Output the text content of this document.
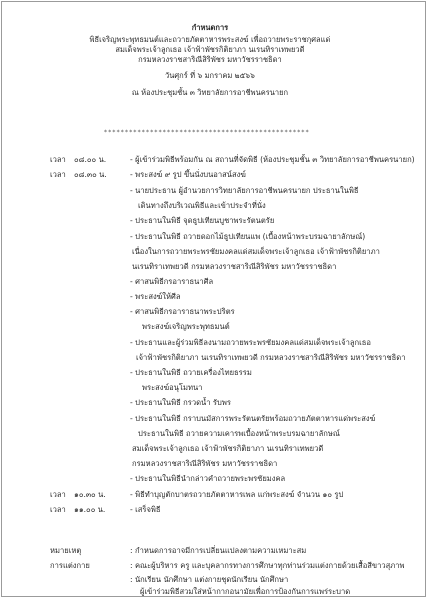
กำหนดการ
พิธีเจริญพระพุทธมนต์และถวายภัตตาหารพระสงฆ์ เพื่อถวายพระราชกุศลแด่
สมเด็จพระเจ้าลูกเธอ เจ้าฟ้าพัชรกิติยาภา นเรนทิราเทพยวดี
กรมหลวงราชสาริณีสิริพัชร มหาวัชรราชธิดา
วันศุกร์ ที่ ๖ มกราคม ๒๕๖๖
ณ ห้องประชุมชั้น ๓ วิทยาลัยการอาชีพนครนายก
*************************************************
เวลา ๐๘.๐๐ น.	- ผู้เข้าร่วมพิธีพร้อมกัน ณ สถานที่จัดพิธี (ห้องประชุมชั้น ๓ วิทยาลัยการอาชีพนครนายก)
เวลา ๐๘.๓๐ น.	- พระสงฆ์ ๙ รูป ขึ้นนั่งบนอาสน์สงฆ์
- นายประธาน ผู้อำนวยการวิทยาลัยการอาชีพนครนายก ประธานในพิธี
เดินทางถึงบริเวณพิธีและเข้าประจำที่นั่ง
- ประธานในพิธี จุดธูปเทียนบูชาพระรัตนตรัย
- ประธานในพิธี ถวายดอกไม้ธูปเทียนแพ (เบื้องหน้าพระบรมฉายาลักษณ์)
เนื่องในการถวายพระพรชัยมงคลแด่สมเด็จพระเจ้าลูกเธอ เจ้าฟ้าพัชรกิติยาภา
นเรนทิราเทพยวดี กรมหลวงราชสาริณีสิริพัชร มหาวัชรราชธิดา
- ศาสนพิธีกรอาราธนาศีล
- พระสงฆ์ให้ศีล
- ศาสนพิธีกรอาราธนาพระปริตร
พระสงฆ์เจริญพระพุทธมนต์
- ประธานและผู้ร่วมพิธีลงนามถวายพระพรชัยมงคลแด่สมเด็จพระเจ้าลูกเธอ
เจ้าฟ้าพัชรกิติยาภา นเรนทิราเทพยวดี กรมหลวงราชสาริณีสิริพัชร มหาวัชรราชธิดา
- ประธานในพิธี ถวายเครื่องไทยธรรม
พระสงฆ์อนุโมทนา
- ประธานในพิธี กรวดน้ำ รับพร
- ประธานในพิธี กราบนมัสการพระรัตนตรัยพร้อมถวายภัตตาหารแด่พระสงฆ์
ประธานในพิธี ถวายความเคารพเบื้องหน้าพระบรมฉายาลักษณ์
สมเด็จพระเจ้าลูกเธอ เจ้าฟ้าพัชรกิติยาภา นเรนทิราเทพยวดี
กรมหลวงราชสาริณีสิริพัชร มหาวัชรราชธิดา
- ประธานในพิธีนำกล่าวคำถวายพระพรชัยมงคล
เวลา ๑๐.๓๐ น.	- พิธีทำบุญตักบาตรถวายภัตตาหารเพล แก่พระสงฆ์ จำนวน ๑๐ รูป
เวลา ๑๑.๐๐ น.	- เสร็จพิธี
หมายเหตุ	: กำหนดการอาจมีการเปลี่ยนแปลงตามความเหมาะสม
การแต่งกาย	: คณะผู้บริหาร ครู และบุคลากรทางการศึกษาทุกท่านร่วมแต่งกายด้วยเสื้อสีขาวสุภาพ
: นักเรียน นักศึกษา แต่งกายชุดนักเรียน นักศึกษา
ผู้เข้าร่วมพิธีสวมใส่หน้ากากอนามัยเพื่อการป้องกันการแพร่ระบาด
